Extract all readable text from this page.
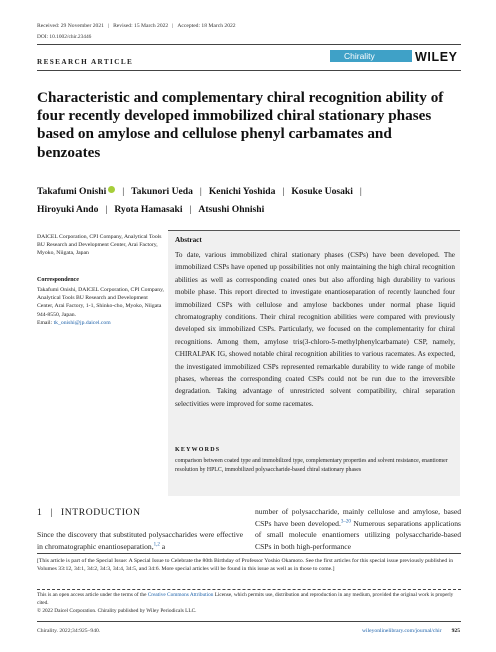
Received: 29 November 2021 | Revised: 15 March 2022 | Accepted: 18 March 2022
DOI: 10.1002/chir.23446
RESEARCH ARTICLE
Chirality	WILEY
Characteristic and complementary chiral recognition ability of four recently developed immobilized chiral stationary phases based on amylose and cellulose phenyl carbamates and benzoates
Takafumi Onishi | Takunori Ueda | Kenichi Yoshida | Kosuke Uosaki |
Hiroyuki Ando | Ryota Hamasaki | Atsushi Ohnishi
DAICEL Corporation, CPI Company, Analytical Tools BU Research and Development Center, Arai Factory, Myoko, Niigata, Japan
Correspondence
Takafumi Onishi, DAICEL Corporation, CPI Company, Analytical Tools BU Research and Development Center, Arai Factory, 1-1, Shinko-cho, Myoko, Niigata 944-8550, Japan.
Email: tk_onishi@jp.daicel.com
Abstract
To date, various immobilized chiral stationary phases (CSPs) have been developed. The immobilized CSPs have opened up possibilities not only maintaining the high chiral recognition abilities as well as corresponding coated ones but also affording high durability to various mobile phase. This report directed to investigate enantioseparation of recently launched four immobilized CSPs with cellulose and amylose backbones under normal phase liquid chromatography conditions. Their chiral recognition abilities were compared with previously developed six immobilized CSPs. Particularly, we focused on the complementarity for chiral recognitions. Among them, amylose tris(3-chloro-5-methylphenylcarbamate) CSP, namely, CHIRALPAK IG, showed notable chiral recognition abilities to various racemates. As expected, the investigated immobilized CSPs represented remarkable durability to wide range of mobile phases, whereas the corresponding coated CSPs could not be run due to the irreversible degradation. Taking advantage of unrestricted solvent compatibility, chiral separation selectivities were improved for some racemates.
KEYWORDS
comparison between coated type and immobilized type, complementary properties and solvent resistance, enantiomer resolution by HPLC, immobilized polysaccharide-based chiral stationary phases
1 | INTRODUCTION
Since the discovery that substituted polysaccharides were effective in chromatographic enantioseparation,$^{1,2}$ a
number of polysaccharide, mainly cellulose and amylose, based CSPs have been developed.$^{3-20}$ Numerous separations applications of small molecule enantiomers utilizing polysaccharide-based CSPs in both high-performance
[This article is part of the Special Issue: A Special Issue to Celebrate the 80th Birthday of Professor Yoshio Okamoto. See the first articles for this special issue previously published in Volumes 33:12, 34:1, 34:2, 34:3, 34:4, 34:5, and 34:6. More special articles will be found in this issue as well as in those to come.]
This is an open access article under the terms of the Creative Commons Attribution License, which permits use, distribution and reproduction in any medium, provided the original work is properly cited.
© 2022 Daicel Corporation. Chirality published by Wiley Periodicals LLC.
Chirality. 2022;34:925–940.	wileyonlinelibrary.com/journal/chir 925
